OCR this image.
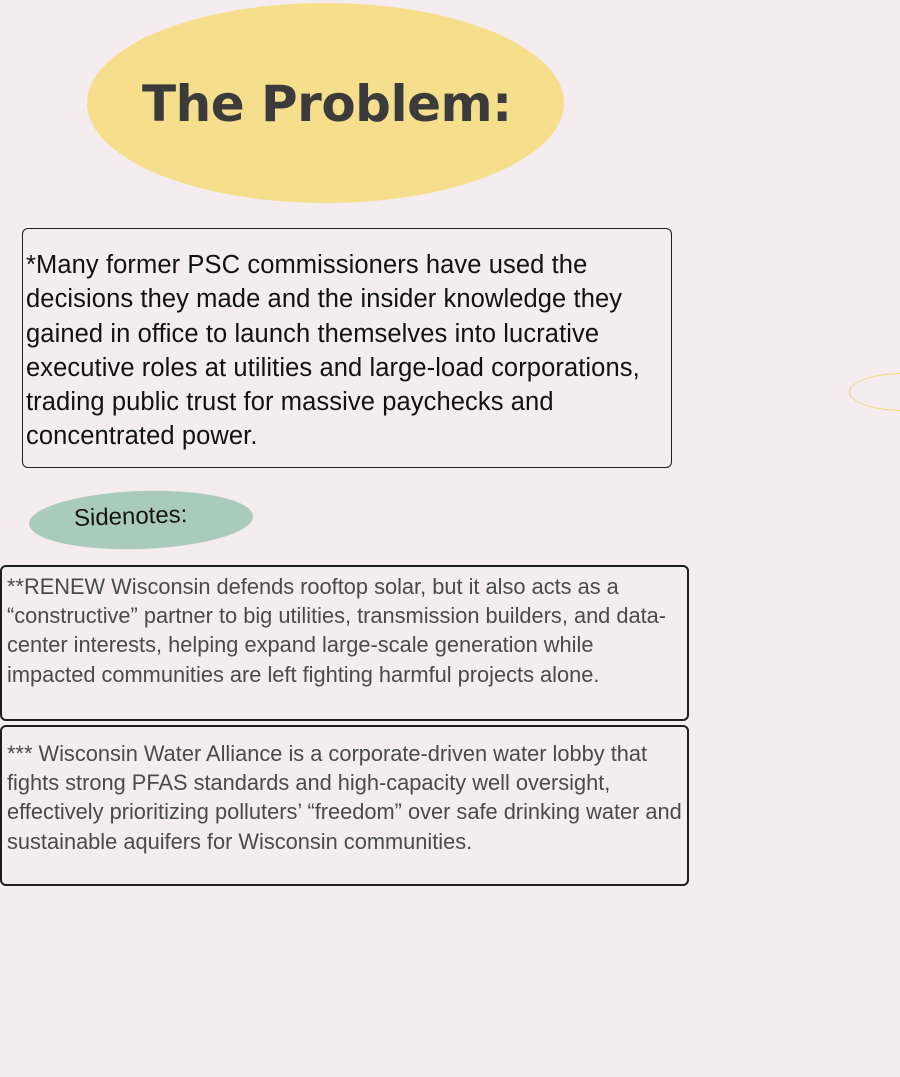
The Problem:

*Many former PSC commissioners have used the decisions they made and the insider knowledge they gained in office to launch themselves into lucrative executive roles at utilities and large-load corporations, trading public trust for massive paychecks and concentrated power.

Sidenotes:

**RENEW Wisconsin defends rooftop solar, but it also acts as a “constructive” partner to big utilities, transmission builders, and data-center interests, helping expand large-scale generation while impacted communities are left fighting harmful projects alone.

*** Wisconsin Water Alliance is a corporate-driven water lobby that fights strong PFAS standards and high-capacity well oversight, effectively prioritizing polluters’ “freedom” over safe drinking water and sustainable aquifers for Wisconsin communities.
